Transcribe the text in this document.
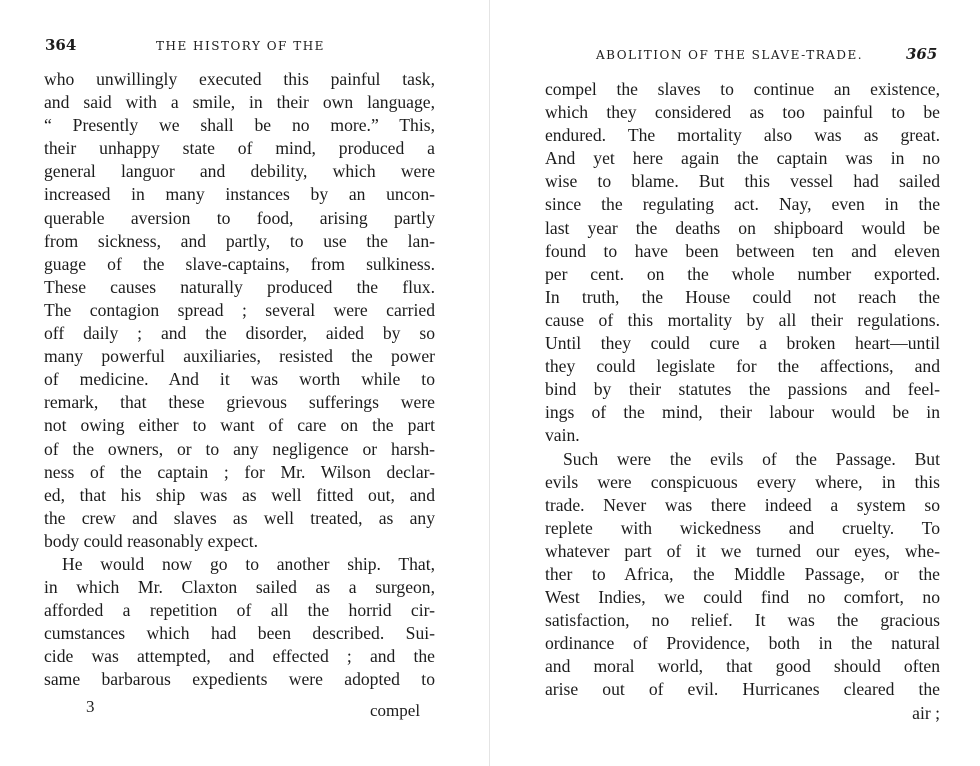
364	THE HISTORY OF THE
who unwillingly executed this painful task,
and said with a smile, in their own language,
“ Presently we shall be no more.” This,
their unhappy state of mind, produced a
general languor and debility, which were
increased in many instances by an uncon-
querable aversion to food, arising partly
from sickness, and partly, to use the lan-
guage of the slave-captains, from sulkiness.
These causes naturally produced the flux.
The contagion spread ; several were carried
off daily ; and the disorder, aided by so
many powerful auxiliaries, resisted the power
of medicine. And it was worth while to
remark, that these grievous sufferings were
not owing either to want of care on the part
of the owners, or to any negligence or harsh-
ness of the captain ; for Mr. Wilson declar-
ed, that his ship was as well fitted out, and
the crew and slaves as well treated, as any
body could reasonably expect.
He would now go to another ship. That,
in which Mr. Claxton sailed as a surgeon,
afforded a repetition of all the horrid cir-
cumstances which had been described. Sui-
cide was attempted, and effected ; and the
same barbarous expedients were adopted to
3	compel
ABOLITION OF THE SLAVE-TRADE.	365
compel the slaves to continue an existence,
which they considered as too painful to be
endured. The mortality also was as great.
And yet here again the captain was in no
wise to blame. But this vessel had sailed
since the regulating act. Nay, even in the
last year the deaths on shipboard would be
found to have been between ten and eleven
per cent. on the whole number exported.
In truth, the House could not reach the
cause of this mortality by all their regulations.
Until they could cure a broken heart—until
they could legislate for the affections, and
bind by their statutes the passions and feel-
ings of the mind, their labour would be in
vain.
Such were the evils of the Passage. But
evils were conspicuous every where, in this
trade. Never was there indeed a system so
replete with wickedness and cruelty. To
whatever part of it we turned our eyes, whe-
ther to Africa, the Middle Passage, or the
West Indies, we could find no comfort, no
satisfaction, no relief. It was the gracious
ordinance of Providence, both in the natural
and moral world, that good should often
arise out of evil. Hurricanes cleared the
air ;
